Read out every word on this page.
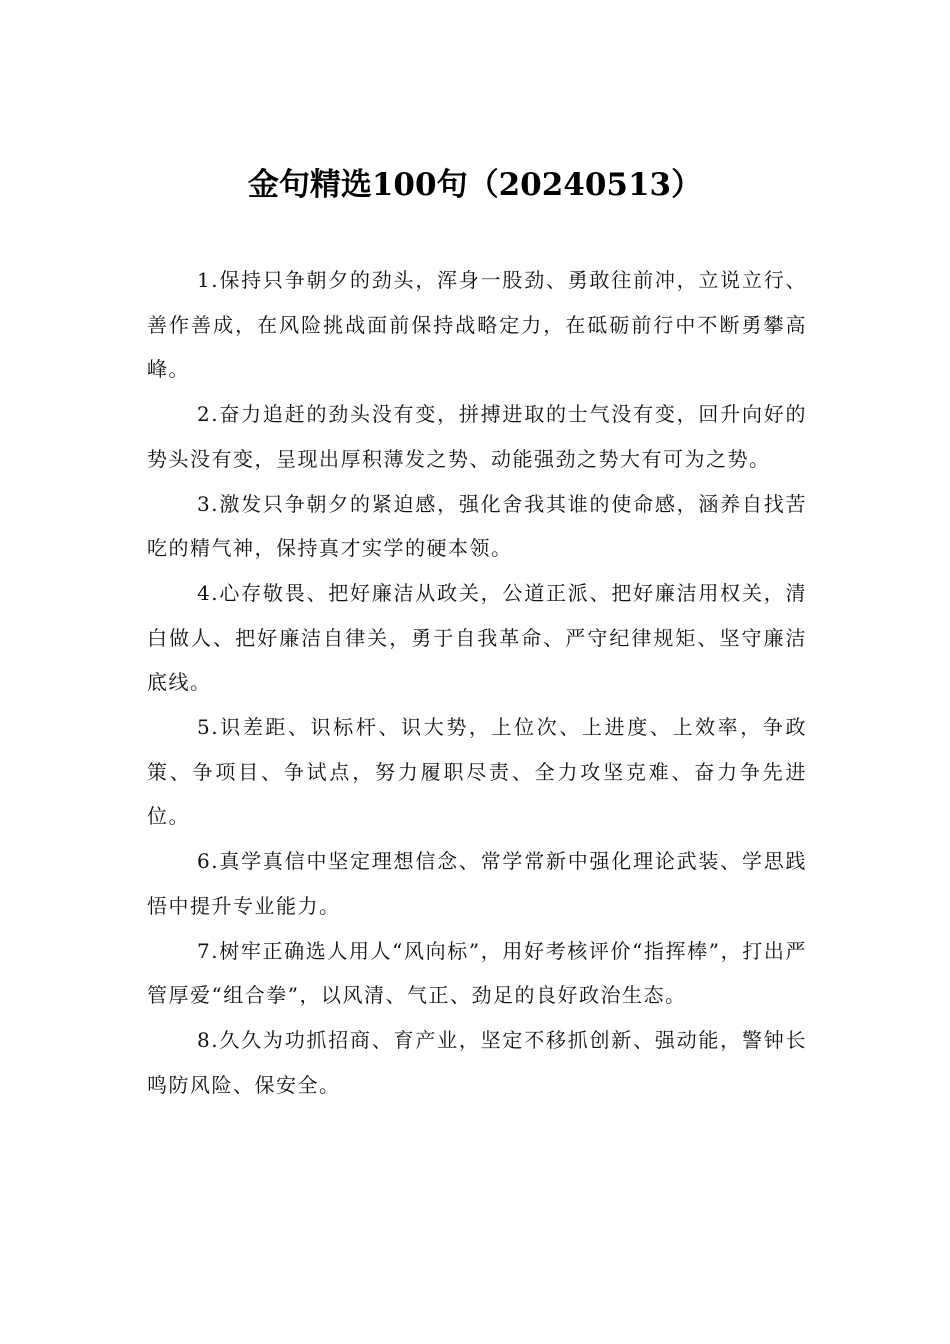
金句精选100句（20240513）

1.保持只争朝夕的劲头，浑身一股劲、勇敢往前冲，立说立行、善作善成，在风险挑战面前保持战略定力，在砥砺前行中不断勇攀高峰。

2.奋力追赶的劲头没有变，拼搏进取的士气没有变，回升向好的势头没有变，呈现出厚积薄发之势、动能强劲之势大有可为之势。

3.激发只争朝夕的紧迫感，强化舍我其谁的使命感，涵养自找苦吃的精气神，保持真才实学的硬本领。

4.心存敬畏、把好廉洁从政关，公道正派、把好廉洁用权关，清白做人、把好廉洁自律关，勇于自我革命、严守纪律规矩、坚守廉洁底线。

5.识差距、识标杆、识大势，上位次、上进度、上效率，争政策、争项目、争试点，努力履职尽责、全力攻坚克难、奋力争先进位。

6.真学真信中坚定理想信念、常学常新中强化理论武装、学思践悟中提升专业能力。

7.树牢正确选人用人“风向标”，用好考核评价“指挥棒”，打出严管厚爱“组合拳”，以风清、气正、劲足的良好政治生态。

8.久久为功抓招商、育产业，坚定不移抓创新、强动能，警钟长鸣防风险、保安全。
